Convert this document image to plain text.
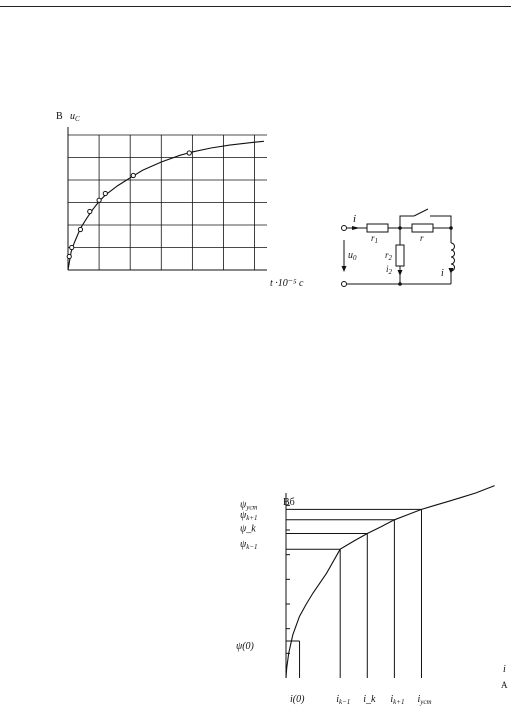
В $u_C$
t ·10⁻⁵ с
i
$r_1$	r
$r_2$
$u_0$
$i_2$	i
$\psi_{k-1}$
$i_{k-1}$
ψ_k
i_k
$\psi_{k+1}$
$i_{k+1}$
$\psi_{уст}$
$i_{уст}$
ψ(0)
i(0)
Вб
i
А
